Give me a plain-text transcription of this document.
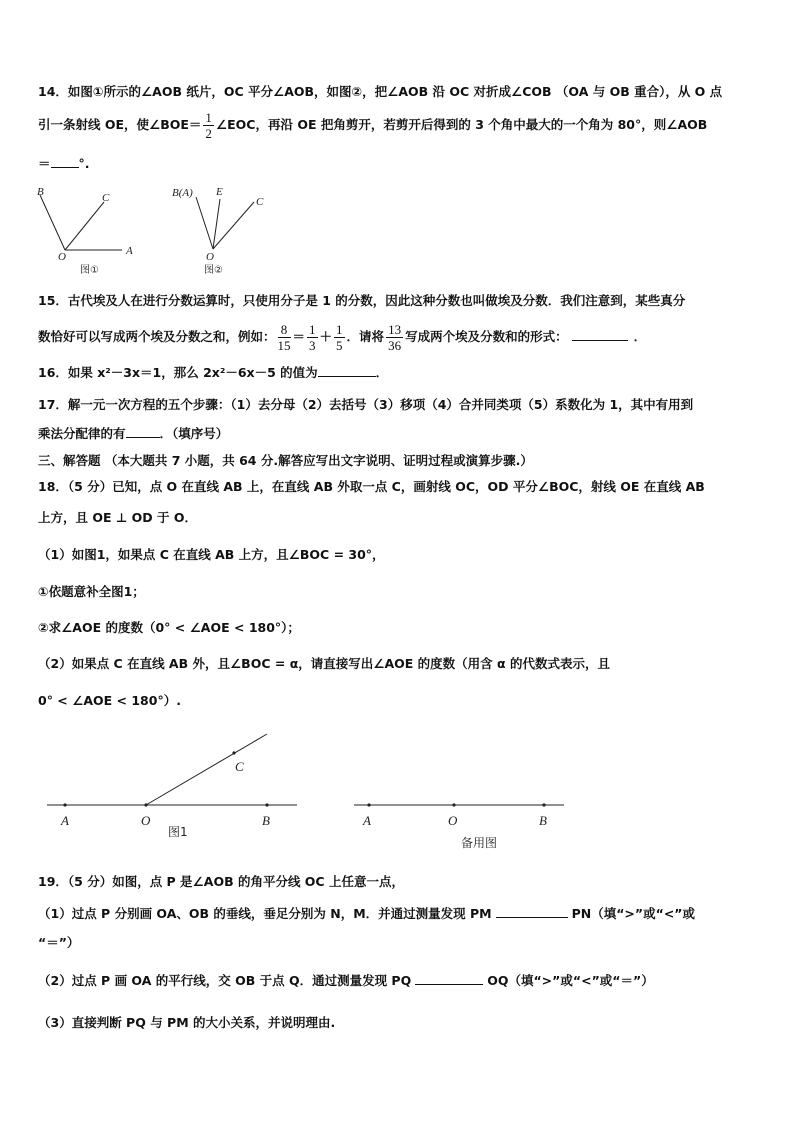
14．如图①所示的∠AOB 纸片，OC 平分∠AOB，如图②，把∠AOB 沿 OC 对折成∠COB （OA 与 OB 重合），从 O 点
引一条射线 OE，使∠BOE＝ $\frac{1}{2}$ ∠EOC，再沿 OE 把角剪开，若剪开后得到的 3 个角中最大的一个角为 80°，则∠AOB
＝ °.
B	C
O	A
图①
B(A) E
C
O
图②
15．古代埃及人在进行分数运算时，只使用分子是 1 的分数，因此这种分数也叫做埃及分数．我们注意到，某些真分
数恰好可以写成两个埃及分数之和，例如： $\frac{8}{15} = \frac{1}{3} + \frac{1}{5}$ ．请将 $\frac{13}{36}$ 写成两个埃及分数和的形式：	．
16．如果 x²－3x＝1，那么 2x²－6x－5 的值为	．
17．解一元一次方程的五个步骤：（1）去分母（2）去括号（3）移项（4）合并同类项（5）系数化为 1，其中有用到
乘法分配律的有	．（填序号）
三、解答题 （本大题共 7 小题，共 64 分.解答应写出文字说明、证明过程或演算步骤.）
18．（5 分）已知，点 O 在直线 AB 上，在直线 AB 外取一点 C，画射线 OC，OD 平分∠BOC，射线 OE 在直线 AB
上方，且 OE ⊥ OD 于 O．
（1）如图1，如果点 C 在直线 AB 上方，且∠BOC = 30°，
①依题意补全图1；
②求∠AOE 的度数（0° < ∠AOE < 180°）；
（2）如果点 C 在直线 AB 外，且∠BOC = α，请直接写出∠AOE 的度数（用含 α 的代数式表示，且
0° < ∠AOE < 180°）.
A	O	B
C
图1
A	O	B
备用图
19．（5 分）如图，点 P 是∠AOB 的角平分线 OC 上任意一点，
（1）过点 P 分别画 OA、OB 的垂线，垂足分别为 N，M．并通过测量发现 PM	PN（填“>”或“<”或
“＝”）
（2）过点 P 画 OA 的平行线，交 OB 于点 Q．通过测量发现 PQ	OQ（填“>”或“<”或“＝”）
（3）直接判断 PQ 与 PM 的大小关系，并说明理由.
